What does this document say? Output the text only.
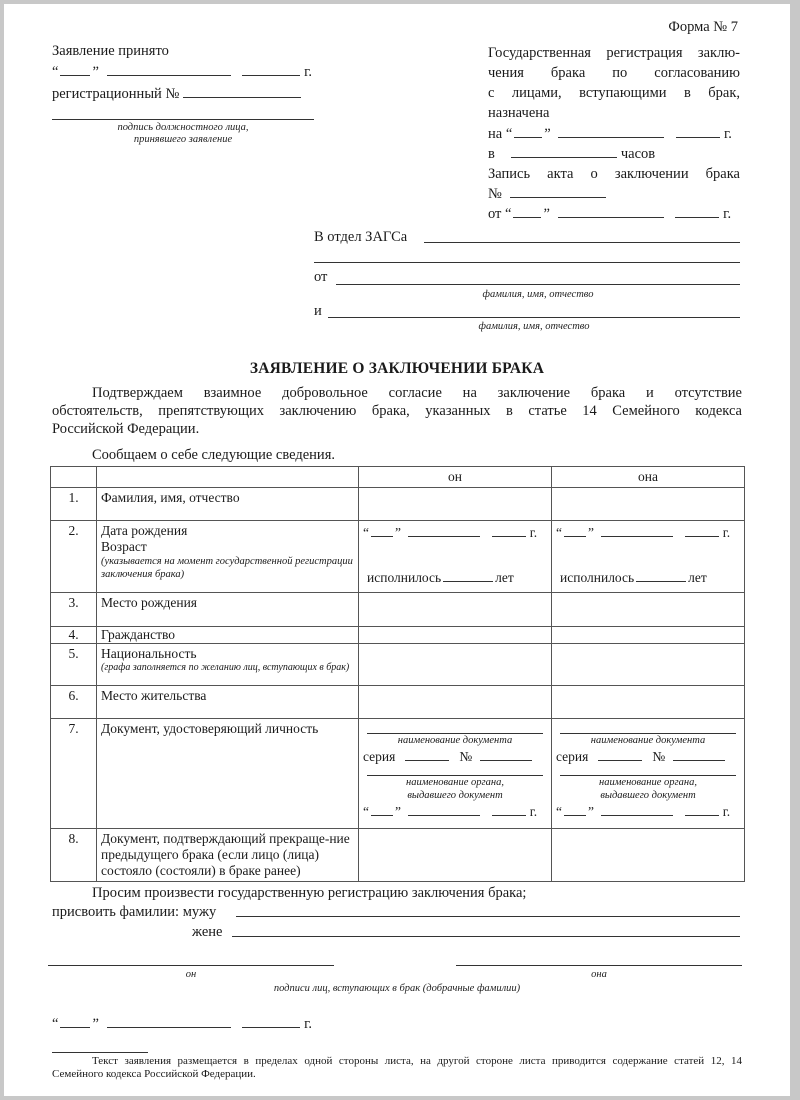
Форма № 7
Заявление принято
“ ”	г.
регистрационный №
подпись должностного лица,
принявшего заявление
Государственная регистрация заклю-
чения брака по согласованию
с лицами, вступающими в брак,
назначена
на “ ”	г.
в	часов
Запись акта о заключении брака
№
от “ ”	г.
В отдел ЗАГСа
от
фамилия, имя, отчество
и
фамилия, имя, отчество
ЗАЯВЛЕНИЕ О ЗАКЛЮЧЕНИИ БРАКА
Подтверждаем взаимное добровольное согласие на заключение брака и отсутствие
обстоятельств, препятствующих заключению брака, указанных в статье 14 Семейного кодекса
Российской Федерации.
Сообщаем о себе следующие сведения.
		он	она
1.	Фамилия, имя, отчество		
2.	Дата рождения
Возраст
(указывается на момент государственной регистрации заключения брака)

“ ”	г.
исполнилось	лет

“ ”	г.
исполнилось	лет

3.	Место рождения		
4.	Гражданство		
5.	Национальность
(графа заполняется по желанию лиц, вступающих в брак)		

6.	Место жительства		
7.	Документ, удостоверяющий личность	
наименование документа
серия	№
наименование органа,
выдавшего документ
“ ”	г.

наименование документа
серия	№
наименование органа,
выдавшего документ
“ ”	г.

8.	Документ, подтверждающий прекраще-ние предыдущего брака (если лицо (лица) состояло (состояли) в браке ранее)		
Просим произвести государственную регистрацию заключения брака;
присвоить фамилии: мужу
жене
он	она
подписи лиц, вступающих в брак (добрачные фамилии)
“ ”	г.
Текст заявления размещается в пределах одной стороны листа, на другой стороне листа приводится содержание статей 12, 14
Семейного кодекса Российской Федерации.
